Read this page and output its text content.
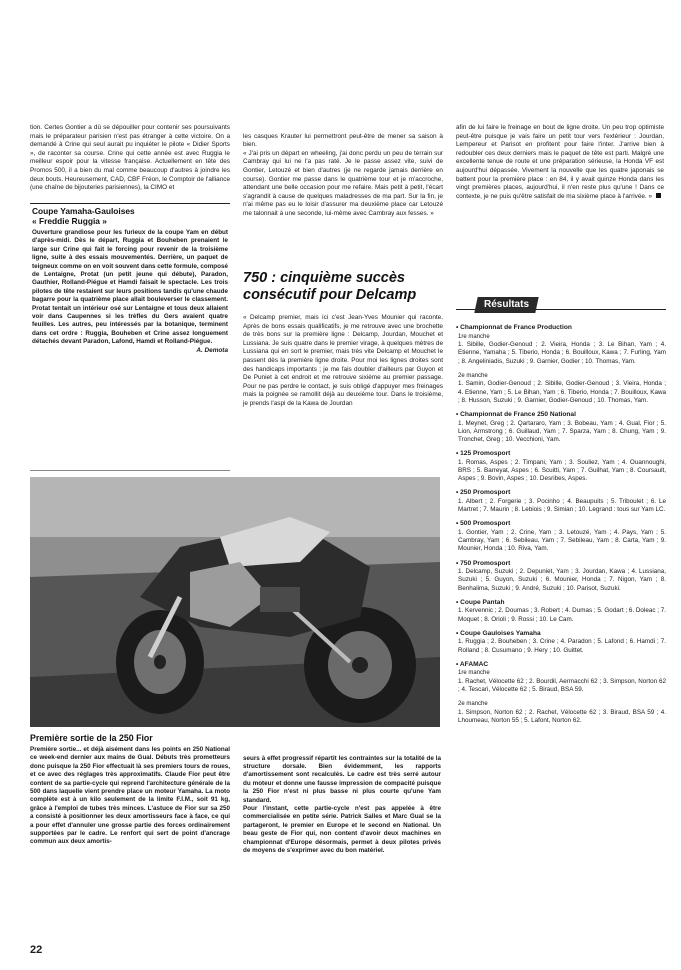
tion. Certes Gontier a dû se dépouiller pour contenir ses poursuivants mais le préparateur parisien n'est pas étranger à cette victoire. On a demandé à Crine qui seul aurait pu inquiéter le pilote « Didier Sports », de raconter sa course. Crine qui cette année est avec Ruggia le meilleur espoir pour la vitesse française. Actuellement en tête des Promos 500, il a bien du mal comme beaucoup d'autres à joindre les deux bouts. Heureusement, CAD, CBF Fréon, le Comptoir de l'alliance (une chaîne de bijouteries parisiennes), la CIMO et

Coupe Yamaha-Gauloises
« Freddie Ruggia »

Ouverture grandiose pour les furieux de la coupe Yam en début d'après-midi. Dès le départ, Ruggia et Bouheben prenaient le large sur Crine qui fait le forcing pour revenir de la troisième ligne, suite à des essais mouvementés. Derrière, un paquet de teigneux comme on en voit souvent dans cette formule, composé de Lentaigne, Protat (un petit jeune qui débute), Paradon, Gauthier, Rolland-Piégue et Hamdi faisait le spectacle. Les trois pilotes de tête restaient sur leurs positions tandis qu'une chaude bagarre pour la quatrième place allait bouleverser le classement. Protat tentait un intérieur osé sur Lentaigne et tous deux allaient voir dans Caupennes si les trèfles du Gers avaient quatre feuilles. Les autres, peu intéressés par la botanique, terminent dans cet ordre : Ruggia, Bouheben et Crine assez longuement détachés devant Paradon, Lafond, Hamdi et Rolland-Piégue.

A. Demota

les casques Krauter lui permettront peut-être de mener sa saison à bien.
« J'ai pris un départ en wheeling, j'ai donc perdu un peu de terrain sur Cambray qui lui ne l'a pas raté. Je le passe assez vite, suivi de Gontier, Letouzé et bien d'autres (je ne regarde jamais derrière en course). Gontier me passe dans le quatrième tour et je m'accroche, attendant une belle occasion pour me refaire. Mais petit à petit, l'écart s'agrandit à cause de quelques maladresses de ma part. Sur la fin, je n'ai même pas eu le loisir d'assurer ma deuxième place car Letouzé me talonnait à une seconde, lui-même avec Cambray aux fesses. »

750 : cinquième succès consécutif pour Delcamp

« Delcamp premier, mais ici c'est Jean-Yves Mounier qui raconte. Après de bons essais qualificatifs, je me retrouve avec une brochette de très bons sur la première ligne : Delcamp, Jourdan, Mouchet et Lussiana. Je suis quatre dans le premier virage, à quelques mètres de Lussiana qui en sort le premier, mais très vite Delcamp et Mouchet le passent dès la première ligne droite. Pour moi les lignes droites sont des handicaps importants ; je me fais doubler d'ailleurs par Guyon et De Puniet à cet endroit et me retrouve sixième au premier passage. Pour ne pas perdre le contact, je suis obligé d'appuyer mes freinages mais la poignée se ramollit déjà au deuxième tour. Dans le troisième, je prends l'aspi de la Kawa de Jourdan

afin de lui faire le freinage en bout de ligne droite. Un peu trop optimiste peut-être puisque je vais faire un petit tour vers l'extérieur : Jourdan, Lempereur et Parisot en profitent pour faire l'inter. J'arrive bien à redoubler ces deux derniers mais le paquet de tête est parti. Malgré une excellente tenue de route et une préparation sérieuse, la Honda VF est aujourd'hui dépassée. Vivement la nouvelle que les quatre japonais se battent pour la première place : en 84, il y avait quinze Honda dans les vingt premières places, aujourd'hui, il n'en reste plus qu'une ! Dans ce contexte, je ne puis qu'être satisfait de ma sixième place à l'arrivée. »

Première sortie de la 250 Fior

Première sortie... et déjà aisément dans les points en 250 National ce week-end dernier aux mains de Gual. Débuts très prometteurs donc puisque la 250 Fior effectuait là ses premiers tours de roues, et ce avec des réglages très approximatifs. Claude Fior peut être content de sa partie-cycle qui reprend l'architecture générale de la 500 dans laquelle vient prendre place un moteur Yamaha. La moto complète est à un kilo seulement de la limite F.I.M., soit 91 kg, grâce à l'emploi de tubes très minces. L'astuce de Fior sur sa 250 a consisté à positionner les deux amortisseurs face à face, ce qui a pour effet d'annuler une grosse partie des forces ordinairement supportées par le cadre. Le renfort qui sert de point d'ancrage commun aux deux amortis-

seurs à effet progressif répartit les contraintes sur la totalité de la structure dorsale. Bien évidemment, les rapports d'amortissement sont recalculés. Le cadre est très serré autour du moteur et donne une fausse impression de compacité puisque la 250 Fior n'est ni plus basse ni plus courte qu'une Yam standard.
Pour l'instant, cette partie-cycle n'est pas appelée à être commercialisée en petite série. Patrick Salles et Marc Gual se la partageront, le premier en Europe et le second en National. Un beau geste de Fior qui, non content d'avoir deux machines en championnat d'Europe désormais, permet à deux pilotes privés de moyens de s'exprimer avec du bon matériel.

Résultats
• Championnat de France Production
1re manche
1. Sibille, Godier-Genoud ; 2. Vieira, Honda ; 3. Le Bihan, Yam ; 4. Etienne, Yamaha ; 5. Tiberio, Honda ; 6. Bouilloux, Kawa ; 7. Furling, Yam ; 8. Angeliniadis, Suzuki ; 9. Garnier, Godier ; 10. Thomas, Yam.
2e manche
1. Samin, Godier-Genoud ; 2. Sibille, Godier-Genoud ; 3. Vieira, Honda ; 4. Etienne, Yam ; 5. Le Bihan, Yam ; 6. Tiberio, Honda ; 7. Bouilloux, Kawa ; 8. Husson, Suzuki ; 9. Garnier, Godier-Genoud ; 10. Thomas, Yam.
• Championnat de France 250 National
1. Meynet, Greg ; 2. Qartararo, Yam ; 3. Bobeau, Yam ; 4. Gual, Fior ; 5. Lion, Armstrong ; 6. Guillaud, Yam ; 7. Sparza, Yam ; 8. Chung, Yam ; 9. Tronchet, Greg ; 10. Vecchioni, Yam.
• 125 Promosport
1. Romas, Aspes ; 2. Timpani, Yam ; 3. Souliez, Yam ; 4. Ouannoughi, BRS ; 5. Barreyat, Aspes ; 6. Scuitti, Yam ; 7. Guilhat, Yam ; 8. Coursault, Aspes ; 9. Bovin, Aspes ; 10. Desribes, Aspes.
• 250 Promosport
1. Albert ; 2. Forgerie ; 3. Pocinho ; 4. Beaupuits ; 5. Triboulet ; 6. Le Martret ; 7. Maurin ; 8. Lebiois ; 9. Simian ; 10. Legrand : tous sur Yam LC.
• 500 Promosport
1. Gontier, Yam ; 2. Crine, Yam ; 3. Letouzé, Yam ; 4. Pays, Yam ; 5. Cambray, Yam ; 6. Sebileau, Yam ; 7. Sebileau, Yam ; 8. Carta, Yam ; 9. Mounier, Honda ; 10. Riva, Yam.
• 750 Promosport
1. Delcamp, Suzuki ; 2. Depuniet, Yam ; 3. Jourdan, Kawa ; 4. Lussiana, Suzuki ; 5. Guyon, Suzuki ; 6. Mounier, Honda ; 7. Nigon, Yam ; 8. Benhalima, Suzuki ; 9. André, Suzuki ; 10. Parisot, Suzuki.
• Coupe Pantah
1. Kervennic ; 2. Doumas ; 3. Robert ; 4. Dumas ; 5. Godart ; 6. Doleac ; 7. Moquet ; 8. Orioli ; 9. Rossi ; 10. Le Cam.
• Coupe Gauloises Yamaha
1. Ruggia ; 2. Bouheben ; 3. Crine ; 4. Paradon ; 5. Lafond ; 6. Hamdi ; 7. Rolland ; 8. Cusumano ; 9. Hery ; 10. Guittet.
• AFAMAC
1re manche
1. Rachet, Vélocette 62 ; 2. Bourdil, Aermacchi 62 ; 3. Simpson, Norton 62 ; 4. Tescari, Vélocette 62 ; 5. Biraud, BSA 59.
2e manche
1. Simpson, Norton 62 ; 2. Rachet, Vélocette 62 ; 3. Biraud, BSA 59 ; 4. Lhoumeau, Norton 55 ; 5. Lafont, Norton 62.
22
